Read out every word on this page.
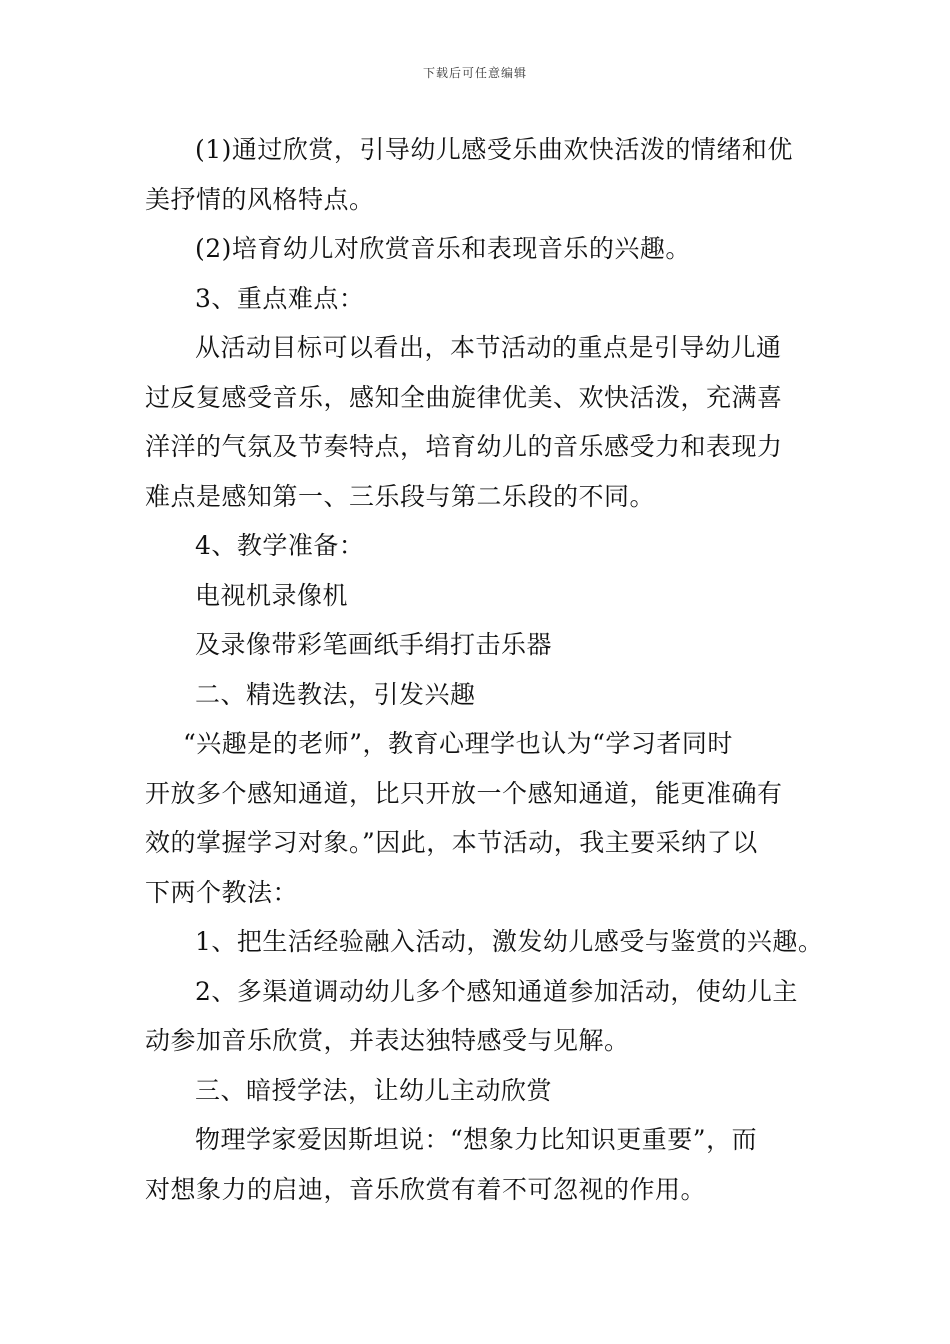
下载后可任意编辑

(1)通过欣赏，引导幼儿感受乐曲欢快活泼的情绪和优

美抒情的风格特点。

(2)培育幼儿对欣赏音乐和表现音乐的兴趣。

3、重点难点：

从活动目标可以看出，本节活动的重点是引导幼儿通

过反复感受音乐，感知全曲旋律优美、欢快活泼，充满喜

洋洋的气氛及节奏特点，培育幼儿的音乐感受力和表现力

难点是感知第一、三乐段与第二乐段的不同。

4、教学准备：

电视机录像机

及录像带彩笔画纸手绢打击乐器

二、精选教法，引发兴趣

“兴趣是的老师”，教育心理学也认为“学习者同时

开放多个感知通道，比只开放一个感知通道，能更准确有

效的掌握学习对象。”因此，本节活动，我主要采纳了以

下两个教法：

1、把生活经验融入活动，激发幼儿感受与鉴赏的兴趣。

2、多渠道调动幼儿多个感知通道参加活动，使幼儿主

动参加音乐欣赏，并表达独特感受与见解。

三、暗授学法，让幼儿主动欣赏

物理学家爱因斯坦说：“想象力比知识更重要”，而

对想象力的启迪，音乐欣赏有着不可忽视的作用。
